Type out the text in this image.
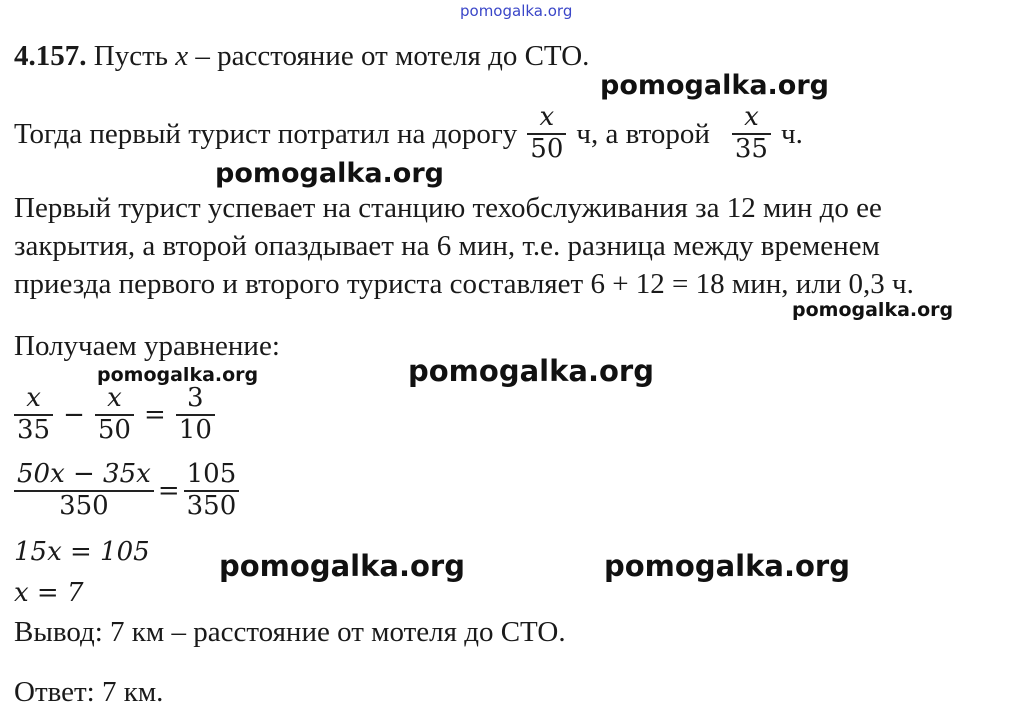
pomogalka.org
4.157. Пусть x – расстояние от мотеля до СТО.
pomogalka.org
Тогда первый турист потратил на дорогу $\frac{x}{50} ч$, а второй $\frac{x}{35} ч$.
pomogalka.org
Первый турист успевает на станцию техобслуживания за 12 мин до ее
закрытия, а второй опаздывает на 6 мин, т.е. разница между временем
приезда первого и второго туриста составляет 6 + 12 = 18 мин, или 0,3 ч.
pomogalka.org
Получаем уравнение:
pomogalka.org	pomogalka.org
$\frac{x}{35} - \frac{x}{50} = \frac{3}{10}$
$\frac{50x - 35x}{350} = \frac{105}{350}$
15x = 105 pomogalka.org	pomogalka.org
x = 7
Вывод: 7 км – расстояние от мотеля до СТО.
Ответ: 7 км.
